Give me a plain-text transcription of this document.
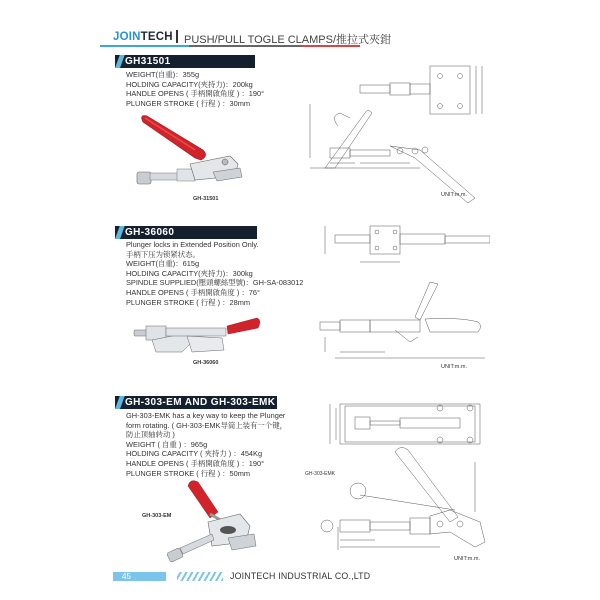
JOINTECH PUSH/PULL TOGLE CLAMPS/推拉式夾鉗
GH31501
WEIGHT(自重)：355g
HOLDING CAPACITY(夾持力)：200kg
HANDLE OPENS ( 手柄開啟角度 ) ：190°
PLUNGER STROKE ( 行程 ) ：30mm
GH-31501
UNIT:m.m.
GH-36060
Plunger locks in Extended Position Only.
手柄下压为锁紧状态。
WEIGHT(自重)：615g
HOLDING CAPACITY(夾持力)：300kg
SPINDLE SUPPLIED(壓頭螺絲型號)：GH-SA-083012
HANDLE OPENS ( 手柄開啟角度 ) ：76°
PLUNGER STROKE ( 行程 ) ：28mm
GH-36060
UNIT:m.m.
GH-303-EM AND GH-303-EMK
GH-303-EMK has a key way to keep the Plunger
form rotating. ( GH-303-EMK导筒上装有一个键，
防止顶轴转动 )
WEIGHT ( 自重 ) ：965g
HOLDING CAPACITY ( 夾持力 ) ：454Kg
HANDLE OPENS ( 手柄開啟角度 ) ：190°
PLUNGER STROKE ( 行程 ) ：50mm
GH-303-EM
GH-303-EMK
UNIT:m.m.
45	JOINTECH INDUSTRIAL CO.,LTD
